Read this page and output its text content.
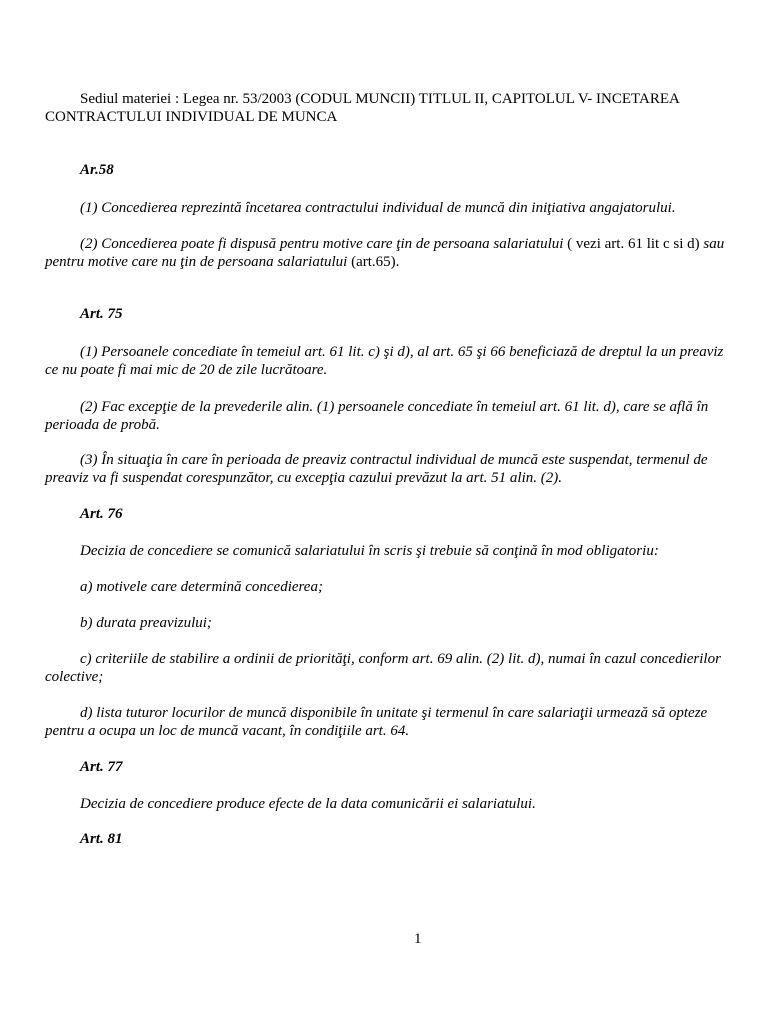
Sediul materiei : Legea nr. 53/2003 (CODUL MUNCII) TITLUL II, CAPITOLUL V- INCETAREA
CONTRACTULUI INDIVIDUAL DE MUNCA
Ar.58
(1) Concedierea reprezintă încetarea contractului individual de muncă din iniţiativa angajatorului.
(2) Concedierea poate fi dispusă pentru motive care ţin de persoana salariatului ( vezi art. 61 lit c si d) sau pentru motive care nu ţin de persoana salariatului (art.65).
Art. 75
(1) Persoanele concediate în temeiul art. 61 lit. c) şi d), al art. 65 şi 66 beneficiază de dreptul la un preaviz ce nu poate fi mai mic de 20 de zile lucrătoare.
(2) Fac excepţie de la prevederile alin. (1) persoanele concediate în temeiul art. 61 lit. d), care se află în perioada de probă.
(3) În situaţia în care în perioada de preaviz contractul individual de muncă este suspendat, termenul de preaviz va fi suspendat corespunzător, cu excepţia cazului prevăzut la art. 51 alin. (2).
Art. 76
Decizia de concediere se comunică salariatului în scris şi trebuie să conţină în mod obligatoriu:
a) motivele care determină concedierea;
b) durata preavizului;
c) criteriile de stabilire a ordinii de priorităţi, conform art. 69 alin. (2) lit. d), numai în cazul concedierilor colective;
d) lista tuturor locurilor de muncă disponibile în unitate şi termenul în care salariaţii urmează să opteze pentru a ocupa un loc de muncă vacant, în condiţiile art. 64.
Art. 77
Decizia de concediere produce efecte de la data comunicării ei salariatului.
Art. 81
1
